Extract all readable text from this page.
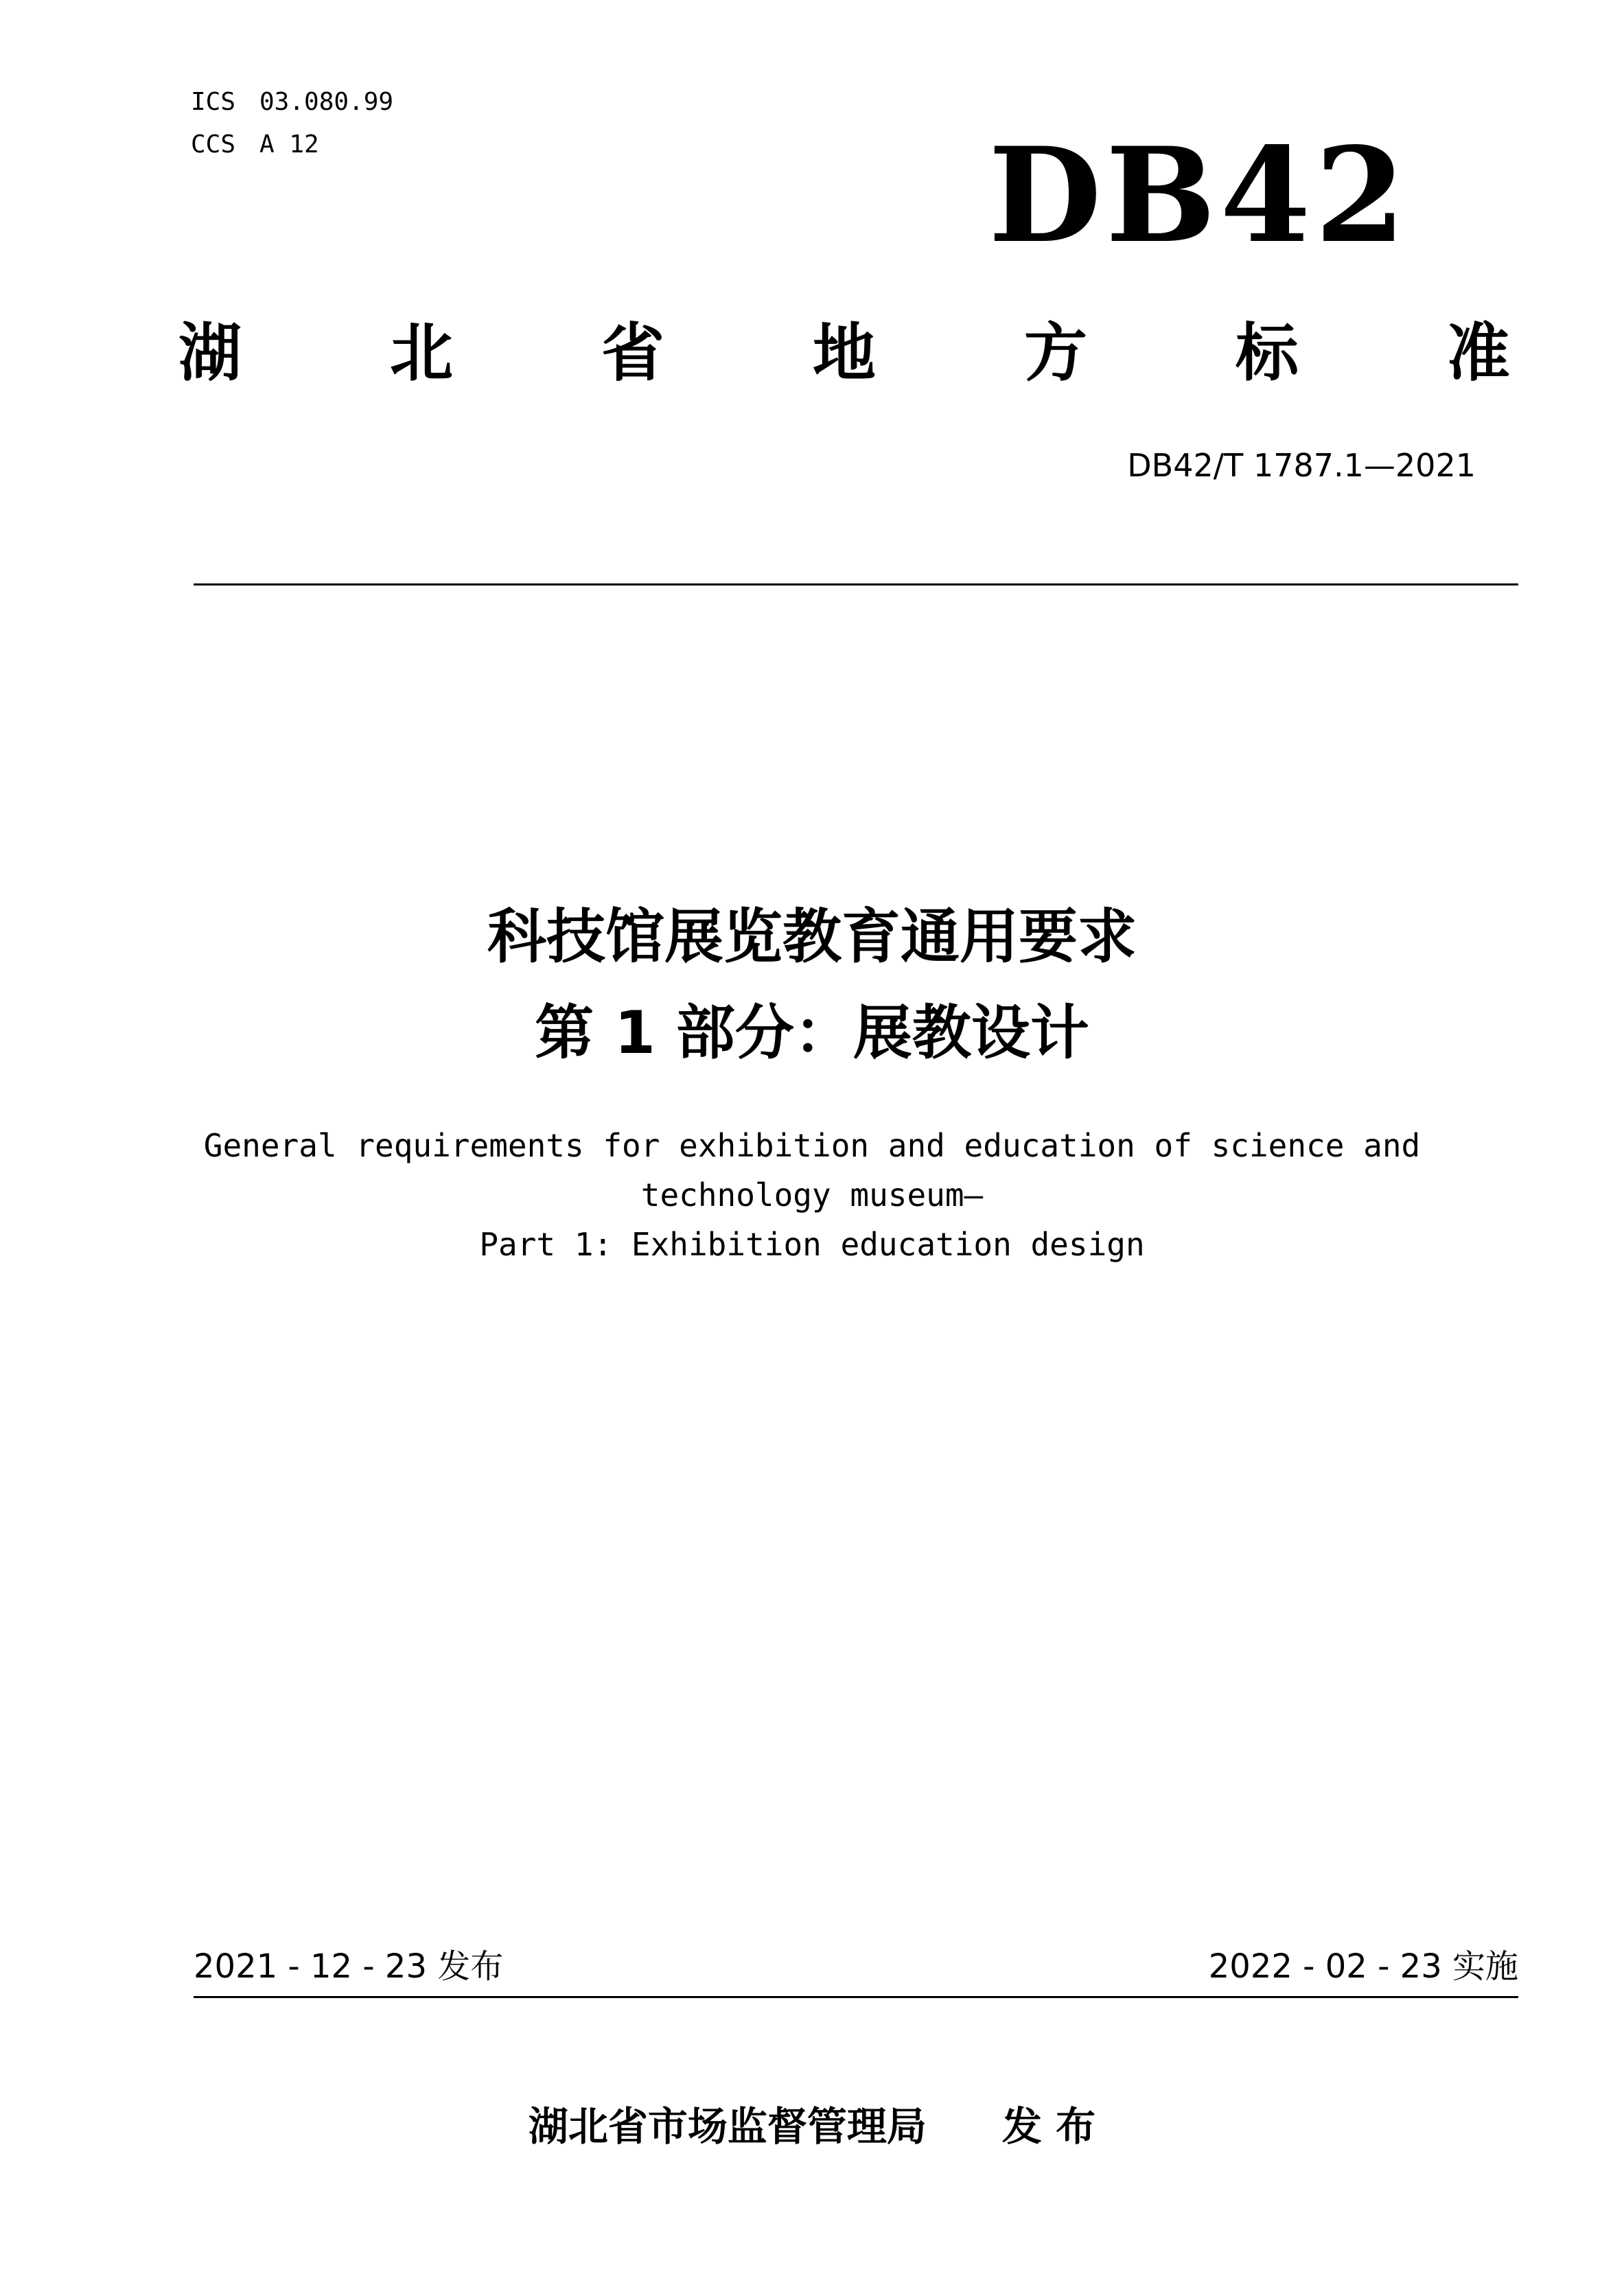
ICS 03.080.99
CCS A 12	DB42
湖 北 省 地 方 标 准
DB42/T 1787.1—2021
科技馆展览教育通用要求
第 1 部分：展教设计
General requirements for exhibition and education of science and
technology museum—
Part 1: Exhibition education design
2021 - 12 - 23 发布	2022 - 02 - 23 实施
湖北省市场监督管理局 发 布
